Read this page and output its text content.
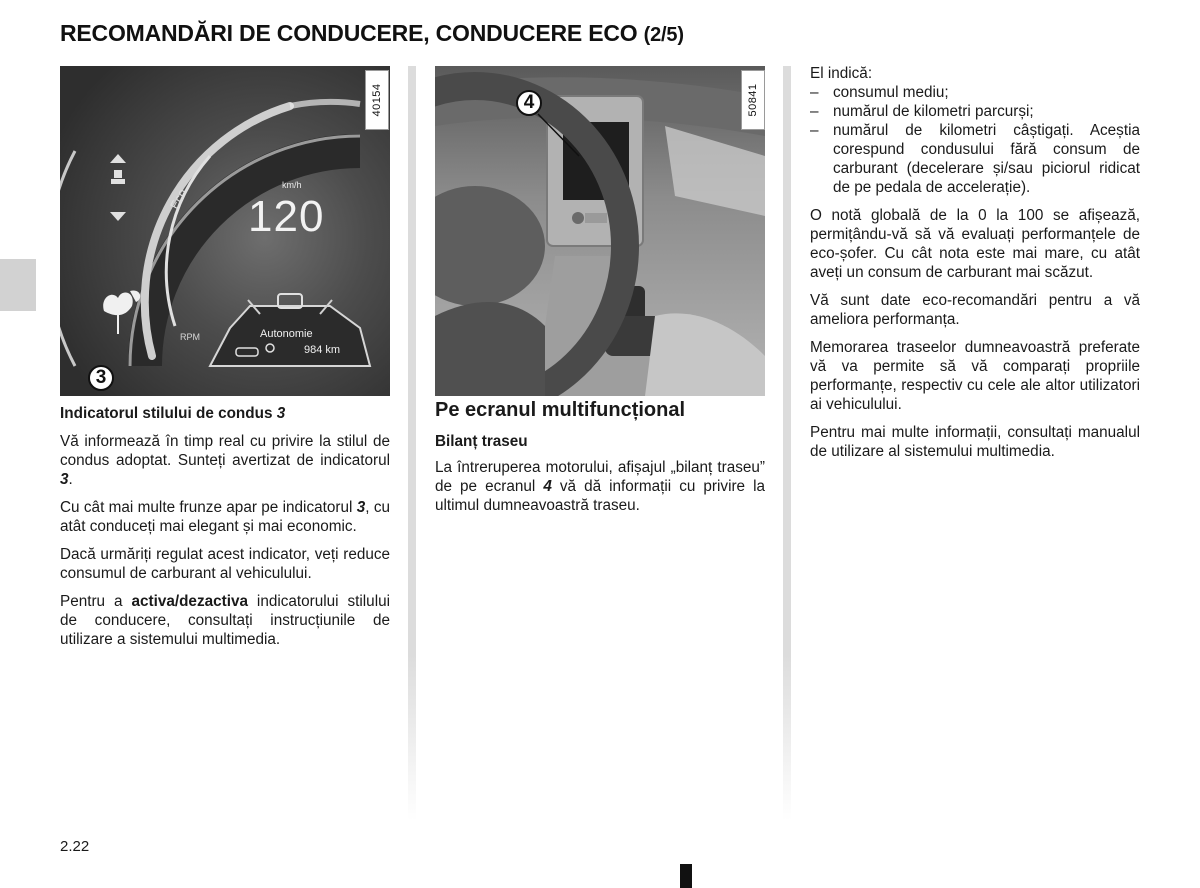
RECOMANDĂRI DE CONDUCERE, CONDUCERE ECO (2/5)
km/h
120
Eco
RPM	Autonomie
984 km
40154
3
50841
4

Indicatorul stilului de condus 3

Vă informează în timp real cu privire la stilul de condus adoptat. Sunteți avertizat de indicatorul 3.

Cu cât mai multe frunze apar pe indicatorul 3, cu atât conduceți mai elegant și mai economic.

Dacă urmăriți regulat acest indicator, veți reduce consumul de carburant al vehiculului.

Pentru a activa/dezactiva indicatorului stilului de conducere, consultați instrucțiunile de utilizare a sistemului multimedia.

Pe ecranul multifuncțional
Bilanț traseu

La întreruperea motorului, afișajul „bilanț traseu” de pe ecranul 4 vă dă informații cu privire la ultimul dumneavoastră traseu.

El indică:

– consumul mediu;
– numărul de kilometri parcurși;
– numărul de kilometri câștigați. Aceștia corespund condusului fără consum de carburant (decelerare și/sau piciorul ridicat de pe pedala de accelerație).

O notă globală de la 0 la 100 se afișează, permițându-vă să vă evaluați performanțele de eco-șofer. Cu cât nota este mai mare, cu atât aveți un consum de carburant mai scăzut.

Vă sunt date eco-recomandări pentru a vă ameliora performanța.

Memorarea traseelor dumneavoastră preferate vă va permite să vă comparați propriile performanțe, respectiv cu cele ale altor utilizatori ai vehiculului.

Pentru mai multe informații, consultați manualul de utilizare al sistemului multimedia.

2.22
